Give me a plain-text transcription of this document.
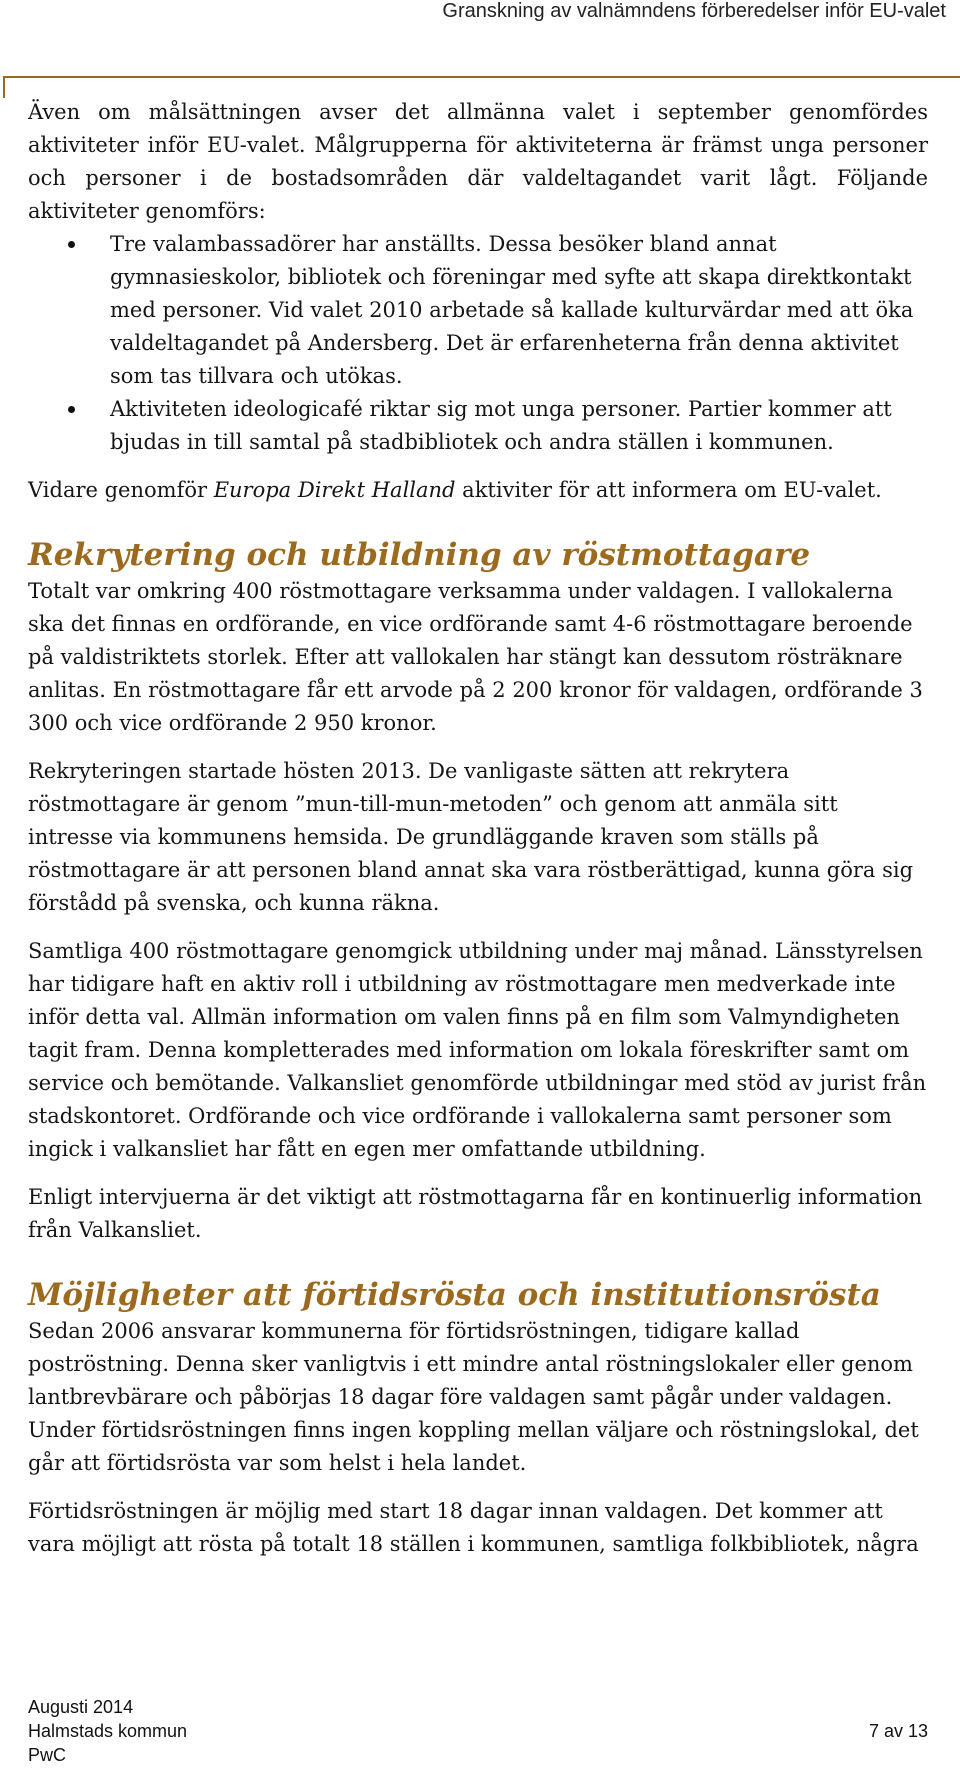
Granskning av valnämndens förberedelser inför EU-valet

Även om målsättningen avser det allmänna valet i september genomfördes aktiviteter inför EU-valet. Målgrupperna för aktiviteterna är främst unga personer och personer i de bostadsområden där valdeltagandet varit lågt. Följande aktiviteter genomförs:

Tre valambassadörer har anställts. Dessa besöker bland annat gymnasieskolor, bibliotek och föreningar med syfte att skapa direktkontakt med personer. Vid valet 2010 arbetade så kallade kulturvärdar med att öka valdeltagandet på Andersberg. Det är erfarenheterna från denna aktivitet som tas tillvara och utökas.
Aktiviteten ideologicafé riktar sig mot unga personer. Partier kommer att bjudas in till samtal på stadbibliotek och andra ställen i kommunen.

Vidare genomför Europa Direkt Halland aktiviter för att informera om EU-valet.

Rekrytering och utbildning av röstmottagare

Totalt var omkring 400 röstmottagare verksamma under valdagen. I vallokalerna ska det finnas en ordförande, en vice ordförande samt 4-6 röstmottagare beroende på valdistriktets storlek. Efter att vallokalen har stängt kan dessutom rösträknare anlitas. En röstmottagare får ett arvode på 2 200 kronor för valdagen, ordförande 3 300 och vice ordförande 2 950 kronor.

Rekryteringen startade hösten 2013. De vanligaste sätten att rekrytera röstmottagare är genom ”mun-till-mun-metoden” och genom att anmäla sitt intresse via kommunens hemsida. De grundläggande kraven som ställs på röstmottagare är att personen bland annat ska vara röstberättigad, kunna göra sig förstådd på svenska, och kunna räkna.

Samtliga 400 röstmottagare genomgick utbildning under maj månad. Länsstyrelsen har tidigare haft en aktiv roll i utbildning av röstmottagare men medverkade inte inför detta val. Allmän information om valen finns på en film som Valmyndigheten tagit fram. Denna kompletterades med information om lokala föreskrifter samt om service och bemötande. Valkansliet genomförde utbildningar med stöd av jurist från stadskontoret. Ordförande och vice ordförande i vallokalerna samt personer som ingick i valkansliet har fått en egen mer omfattande utbildning.

Enligt intervjuerna är det viktigt att röstmottagarna får en kontinuerlig information från Valkansliet.

Möjligheter att förtidsrösta och institutionsrösta

Sedan 2006 ansvarar kommunerna för förtidsröstningen, tidigare kallad poströstning. Denna sker vanligtvis i ett mindre antal röstningslokaler eller genom lantbrevbärare och påbörjas 18 dagar före valdagen samt pågår under valdagen. Under förtidsröstningen finns ingen koppling mellan väljare och röstningslokal, det går att förtidsrösta var som helst i hela landet.

Förtidsröstningen är möjlig med start 18 dagar innan valdagen. Det kommer att vara möjligt att rösta på totalt 18 ställen i kommunen, samtliga folkbibliotek, några

Augusti 2014
Halmstads kommun	7 av 13
PwC
